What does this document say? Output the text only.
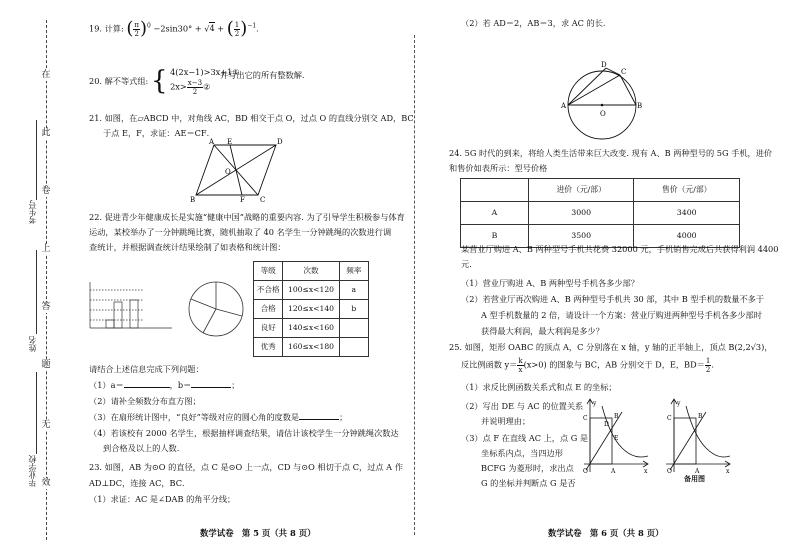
在
此
卷
上
答
题
无
效
考生号
姓名
毕业学校
19. 计算: ( $\frac{\pi}{2} )^0 -2\sin 30^\circ + √4$ + ( $\frac{1}{2} )^{-1}$.
20. 解不等式组: { 4(2x−1)>3x+1①
$2x> \frac{x-3}{2}$ ②
并写出它的所有整数解.
21. 如图，在▱ABCD 中，对角线 AC，BD 相交于点 O，过点 O 的直线分别交 AD，BC
于点 E，F，求证：AE＝CF．
A E	D
O
B	F C
22. 促进青少年健康成长是实施“健康中国”战略的重要内容. 为了引导学生积极参与体育
运动，某校举办了一分钟跳绳比赛，随机抽取了 40 名学生一分钟跳绳的次数进行调
查统计，并根据调查统计结果绘制了如表格和统计图：
等级	次数	频率
不合格	100≤x<120	a
合格	120≤x<140	b
良好	140≤x<160	
优秀	160≤x<180	
请结合上述信息完成下列问题：
（1）a＝	，b＝	；
（2）请补全频数分布直方图；
（3）在扇形统计图中，“良好”等级对应的圆心角的度数是	；
（4）若该校有 2000 名学生，根据抽样调查结果，请估计该校学生一分钟跳绳次数达
到合格及以上的人数.
23. 如图，AB 为⊙O 的直径，点 C 是⊙O 上一点，CD 与⊙O 相切于点 C，过点 A 作
AD⊥DC，连接 AC，BC．
（1）求证：AC 是∠DAB 的角平分线；
数学试卷　第 5 页（共 8 页）
（2）若 AD＝2，AB＝3，求 AC 的长.
D
C
A
O
B
24. 5G 时代的到来，将给人类生活带来巨大改变. 现有 A、B 两种型号的 5G 手机，进价
和售价如表所示：型号价格
	进价（元/部）	售价（元/部）
A	3000	3400
B	3500	4000
某营业厅购进 A、B 两种型号手机共花费 32000 元，手机销售完成后共获得利润 4400
元．
（1）营业厅购进 A、B 两种型号手机各多少部？
（2）若营业厅再次购进 A、B 两种型号手机共 30 部，其中 B 型手机的数量不多于
A 型手机数量的 2 倍，请设计一个方案：营业厅购进两种型号手机各多少部时
获得最大利润，最大利润是多少？
25. 如图，矩形 OABC 的顶点 A，C 分别落在 x 轴，y 轴的正半轴上，顶点 B(2,2√3)，
反比例函数 $y= \frac{k}{x} (x>0)$ 的图象与 BC，AB 分别交于 D，E，$BD= \frac{1}{2}$ ．
（1）求反比例函数关系式和点 E 的坐标；
（2）写出 DE 与 AC 的位置关系
并说明理由；
（3）点 F 在直线 AC 上，点 G 是
坐标系内点，当四边形
BCFG 为菱形时，求出点
G 的坐标并判断点 G 是否
y
x
O
C	B
D
E
A
y
x
O
C	B
A
备用图
数学试卷　第 6 页（共 8 页）
